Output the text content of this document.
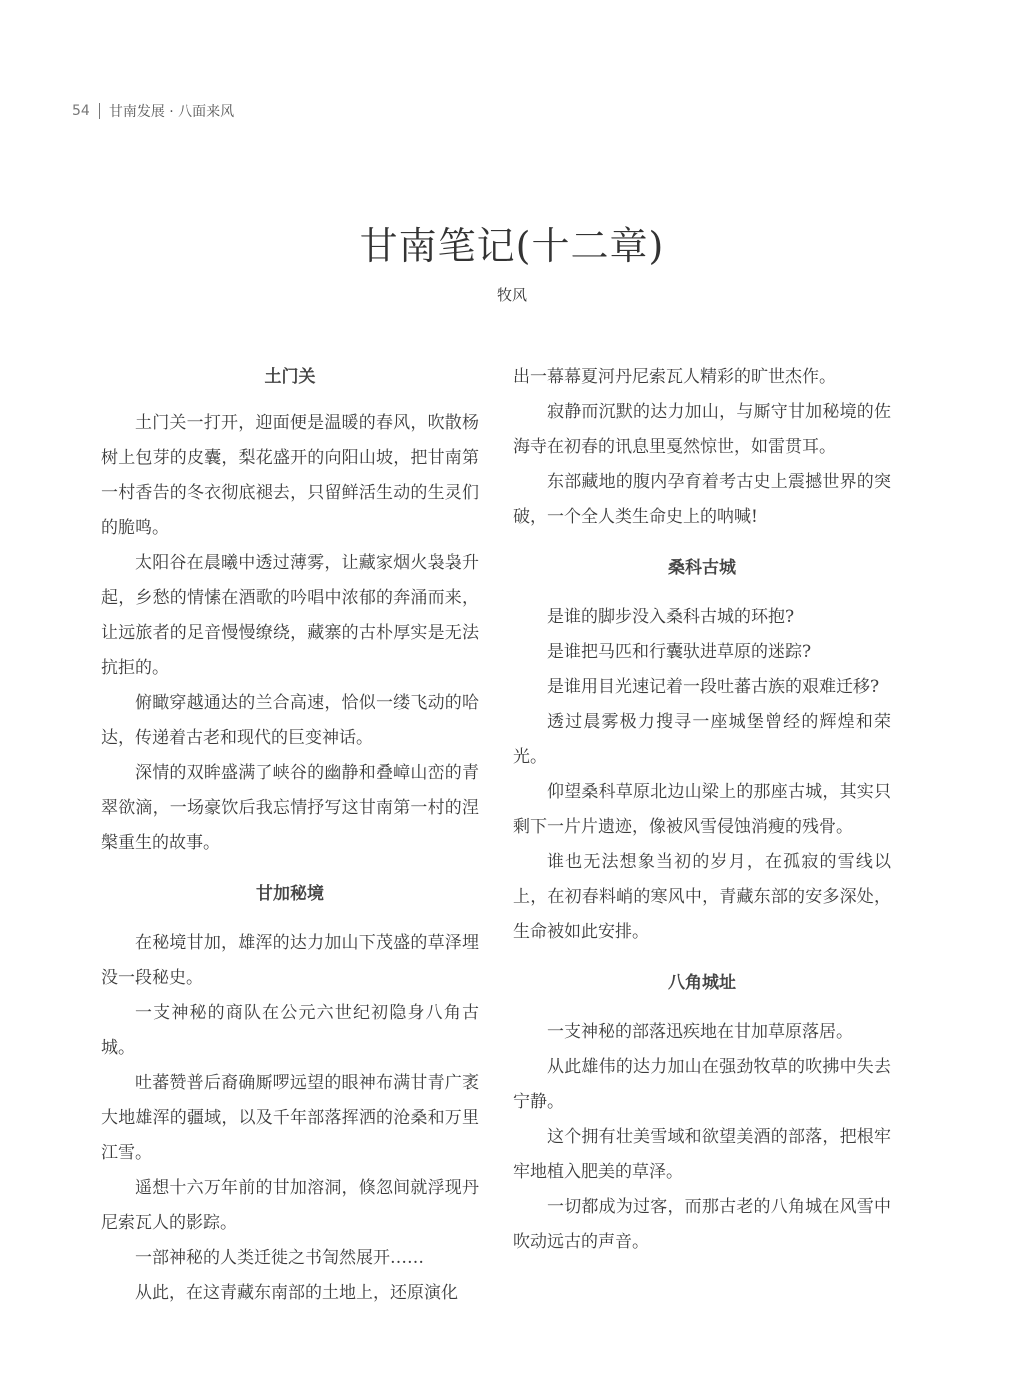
54 甘南发展 · 八面来风
甘南笔记(十二章)
牧风
土门关

土门关一打开，迎面便是温暖的春风，吹散杨树上包芽的皮囊，梨花盛开的向阳山坡，把甘南第一村香告的冬衣彻底褪去，只留鲜活生动的生灵们的脆鸣。

太阳谷在晨曦中透过薄雾，让藏家烟火袅袅升起，乡愁的情愫在酒歌的吟唱中浓郁的奔涌而来，让远旅者的足音慢慢缭绕，藏寨的古朴厚实是无法抗拒的。

俯瞰穿越通达的兰合高速，恰似一缕飞动的哈达，传递着古老和现代的巨变神话。

深情的双眸盛满了峡谷的幽静和叠嶂山峦的青翠欲滴，一场豪饮后我忘情抒写这甘南第一村的涅槃重生的故事。

甘加秘境

在秘境甘加，雄浑的达力加山下茂盛的草泽埋没一段秘史。

一支神秘的商队在公元六世纪初隐身八角古城。

吐蕃赞普后裔确厮啰远望的眼神布满甘青广袤大地雄浑的疆域，以及千年部落挥洒的沧桑和万里江雪。

遥想十六万年前的甘加溶洞，倏忽间就浮现丹尼索瓦人的影踪。

一部神秘的人类迁徙之书訇然展开……

从此，在这青藏东南部的土地上，还原演化

出一幕幕夏河丹尼索瓦人精彩的旷世杰作。

寂静而沉默的达力加山，与厮守甘加秘境的佐海寺在初春的讯息里戛然惊世，如雷贯耳。

东部藏地的腹内孕育着考古史上震撼世界的突破，一个全人类生命史上的呐喊!

桑科古城

是谁的脚步没入桑科古城的环抱?

是谁把马匹和行囊驮进草原的迷踪?

是谁用目光速记着一段吐蕃古族的艰难迁移?

透过晨雾极力搜寻一座城堡曾经的辉煌和荣光。

仰望桑科草原北边山梁上的那座古城，其实只剩下一片片遗迹，像被风雪侵蚀消瘦的残骨。

谁也无法想象当初的岁月，在孤寂的雪线以上，在初春料峭的寒风中，青藏东部的安多深处，生命被如此安排。

八角城址

一支神秘的部落迅疾地在甘加草原落居。

从此雄伟的达力加山在强劲牧草的吹拂中失去宁静。

这个拥有壮美雪域和欲望美酒的部落，把根牢牢地植入肥美的草泽。

一切都成为过客，而那古老的八角城在风雪中吹动远古的声音。
